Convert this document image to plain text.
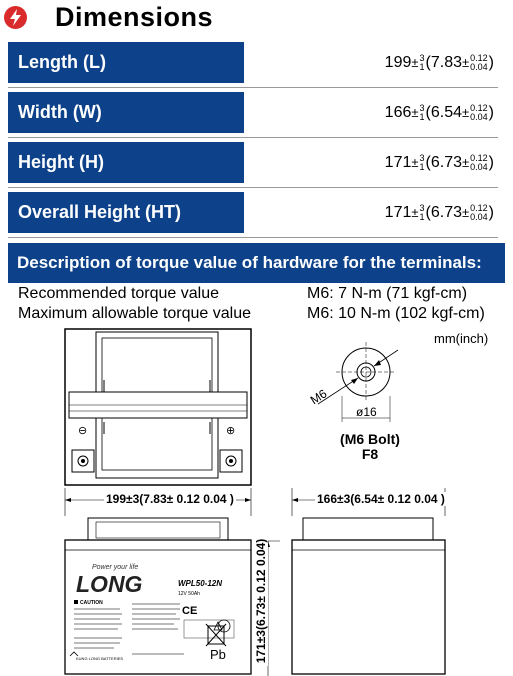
Dimensions
Length (L)	199± 3
1 (7.83± 0.12
0.04 )
Width (W)	166± 3
1 (6.54± 0.12
0.04 )
Height (H)	171± 3
1 (6.73± 0.12
0.04 )
Overall Height (HT)	171± 3
1 (6.73± 0.12
0.04 )
Description of torque value of hardware for the terminals:
Recommended torque value	M6: 7 N-m (71 kgf-cm)
Maximum allowable torque value	M6: 10 N-m (102 kgf-cm)
mm(inch)
⊖	⊕
M6
ø16
(M6 Bolt)
F8
199±3(7.83± 0.12 0.04 )	166±3(6.54± 0.12 0.04 )
LONG
Power your life
WPL50-12N
12V 50Ah
CAUTION
CE
Pb
KUNG LONG BATTERIES	171±3(6.73± 0.12 0.04)
